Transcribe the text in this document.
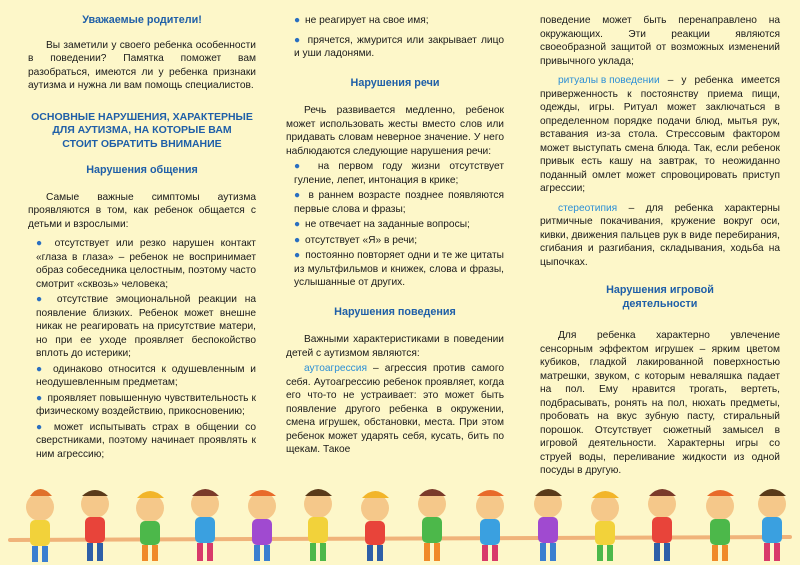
Уважаемые родители!

Вы заметили у своего ребенка особенности в поведении? Памятка поможет вам разобраться, имеются ли у ребенка признаки аутизма и нужна ли вам помощь специалистов.

ОСНОВНЫЕ НАРУШЕНИЯ, ХАРАКТЕРНЫЕ
ДЛЯ АУТИЗМА, НА КОТОРЫЕ ВАМ
СТОИТ ОБРАТИТЬ ВНИМАНИЕ
Нарушения общения

Самые важные симптомы аутизма проявляются в том, как ребенок общается с детьми и взрослыми:

● отсутствует или резко нарушен контакт «глаза в глаза» – ребенок не воспринимает образ собеседника целостным, поэтому часто смотрит «сквозь» человека;

● отсутствие эмоциональной реакции на появление близких. Ребенок может внешне никак не реагировать на присутствие матери, но при ее уходе проявляет беспокойство вплоть до истерики;

● одинаково относится к одушевленным и неодушевленным предметам;

● проявляет повышенную чувствительность к физическому воздействию, прикосновению;

● может испытывать страх в общении со сверстниками, поэтому начинает проявлять к ним агрессию;

● не реагирует на свое имя;

● прячется, жмурится или закрывает лицо и уши ладонями.

Нарушения речи

Речь развивается медленно, ребенок может использовать жесты вместо слов или придавать словам неверное значение. У него наблюдаются следующие нарушения речи:

● на первом году жизни отсутствует гуление, лепет, интонация в крике;

● в раннем возрасте позднее появляются первые слова и фразы;

● не отвечает на заданные вопросы;

● отсутствует «Я» в речи;

● постоянно повторяет одни и те же цитаты из мультфильмов и книжек, слова и фразы, услышанные от других.

Нарушения поведения

Важными характеристиками в поведении детей с аутизмом являются:

аутоагрессия – агрессия против самого себя. Аутоагрессию ребенок проявляет, когда его что-то не устраивает: это может быть появление другого ребенка в окружении, смена игрушек, обстановки, места. При этом ребенок может ударять себя, кусать, бить по щекам. Такое

поведение может быть перенаправлено на окружающих. Эти реакции являются своеобразной защитой от возможных изменений привычного уклада;

ритуалы в поведении – у ребенка имеется приверженность к постоянству приема пищи, одежды, игры. Ритуал может заключаться в определенном порядке подачи блюд, мытья рук, вставания из-за стола. Стрессовым фактором может выступать смена блюда. Так, если ребенок привык есть кашу на завтрак, то неожиданно поданный омлет может спровоцировать приступ агрессии;

стереотипия – для ребенка характерны ритмичные покачивания, кружение вокруг оси, кивки, движения пальцев рук в виде перебирания, сгибания и разгибания, складывания, ходьба на цыпочках.

Нарушения игровой
деятельности

Для ребенка характерно увлечение сенсорным эффектом игрушек – ярким цветом кубиков, гладкой лакированной поверхностью матрешки, звуком, с которым неваляшка падает на пол. Ему нравится трогать, вертеть, подбрасывать, ронять на пол, нюхать предметы, пробовать на вкус зубную пасту, стиральный порошок. Отсутствует сюжетный замысел в игровой деятельности. Характерны игры со струей воды, переливание жидкости из одной посуды в другую.
